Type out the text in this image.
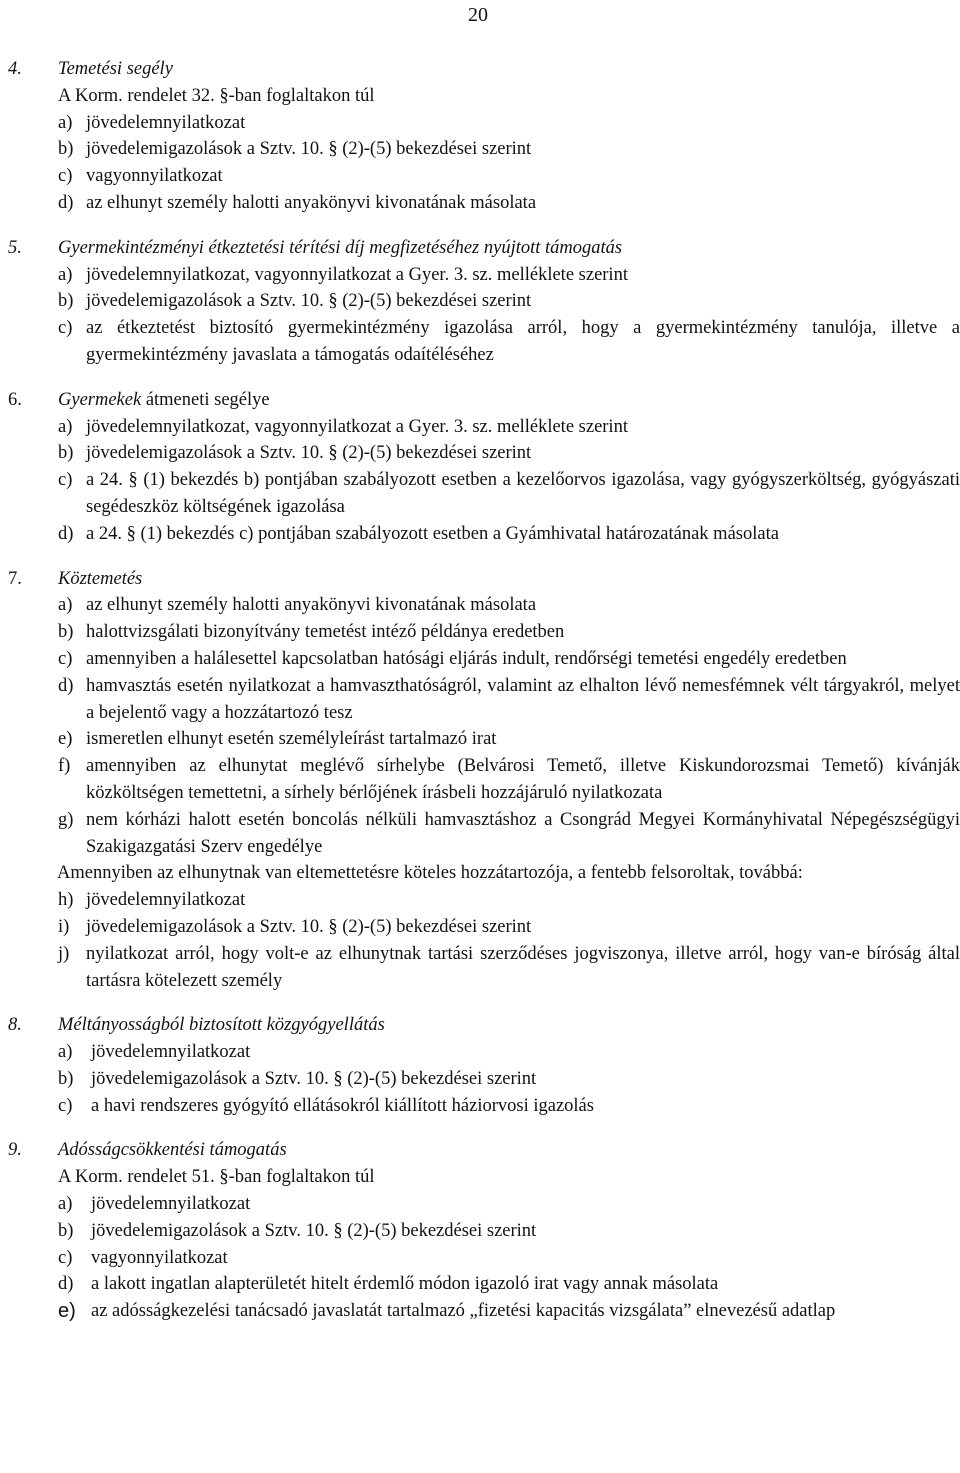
20
4. Temetési segély
A Korm. rendelet 32. §-ban foglaltakon túl
a) jövedelemnyilatkozat
b) jövedelemigazolások a Sztv. 10. § (2)-(5) bekezdései szerint
c) vagyonnyilatkozat
d) az elhunyt személy halotti anyakönyvi kivonatának másolata
5. Gyermekintézményi étkeztetési térítési díj megfizetéséhez nyújtott támogatás
a) jövedelemnyilatkozat, vagyonnyilatkozat a Gyer. 3. sz. melléklete szerint
b) jövedelemigazolások a Sztv. 10. § (2)-(5) bekezdései szerint
c) az étkeztetést biztosító gyermekintézmény igazolása arról, hogy a gyermekintézmény tanulója, illetve a gyermekintézmény javaslata a támogatás odaítéléséhez
6. Gyermekek átmeneti segélye
a) jövedelemnyilatkozat, vagyonnyilatkozat a Gyer. 3. sz. melléklete szerint
b) jövedelemigazolások a Sztv. 10. § (2)-(5) bekezdései szerint
c) a 24. § (1) bekezdés b) pontjában szabályozott esetben a kezelőorvos igazolása, vagy gyógyszerköltség, gyógyászati segédeszköz költségének igazolása
d) a 24. § (1) bekezdés c) pontjában szabályozott esetben a Gyámhivatal határozatának másolata
7. Köztemetés
a) az elhunyt személy halotti anyakönyvi kivonatának másolata
b) halottvizsgálati bizonyítvány temetést intéző példánya eredetben
c) amennyiben a halálesettel kapcsolatban hatósági eljárás indult, rendőrségi temetési engedély eredetben
d) hamvasztás esetén nyilatkozat a hamvaszthatóságról, valamint az elhalton lévő nemesfémnek vélt tárgyakról, melyet a bejelentő vagy a hozzátartozó tesz
e) ismeretlen elhunyt esetén személyleírást tartalmazó irat
f) amennyiben az elhunytat meglévő sírhelybe (Belvárosi Temető, illetve Kiskundorozsmai Temető) kívánják közköltségen temettetni, a sírhely bérlőjének írásbeli hozzájáruló nyilatkozata
g) nem kórházi halott esetén boncolás nélküli hamvasztáshoz a Csongrád Megyei Kormányhivatal Népegészségügyi Szakigazgatási Szerv engedélye
Amennyiben az elhunytnak van eltemettetésre köteles hozzátartozója, a fentebb felsoroltak, továbbá:
h) jövedelemnyilatkozat
i) jövedelemigazolások a Sztv. 10. § (2)-(5) bekezdései szerint
j) nyilatkozat arról, hogy volt-e az elhunytnak tartási szerződéses jogviszonya, illetve arról, hogy van-e bíróság által tartásra kötelezett személy
8. Méltányosságból biztosított közgyógyellátás
a) jövedelemnyilatkozat
b) jövedelemigazolások a Sztv. 10. § (2)-(5) bekezdései szerint
c) a havi rendszeres gyógyító ellátásokról kiállított háziorvosi igazolás
9. Adósságcsökkentési támogatás
A Korm. rendelet 51. §-ban foglaltakon túl
a) jövedelemnyilatkozat
b) jövedelemigazolások a Sztv. 10. § (2)-(5) bekezdései szerint
c) vagyonnyilatkozat
d) a lakott ingatlan alapterületét hitelt érdemlő módon igazoló irat vagy annak másolata
e) az adósságkezelési tanácsadó javaslatát tartalmazó „fizetési kapacitás vizsgálata” elnevezésű adatlap
